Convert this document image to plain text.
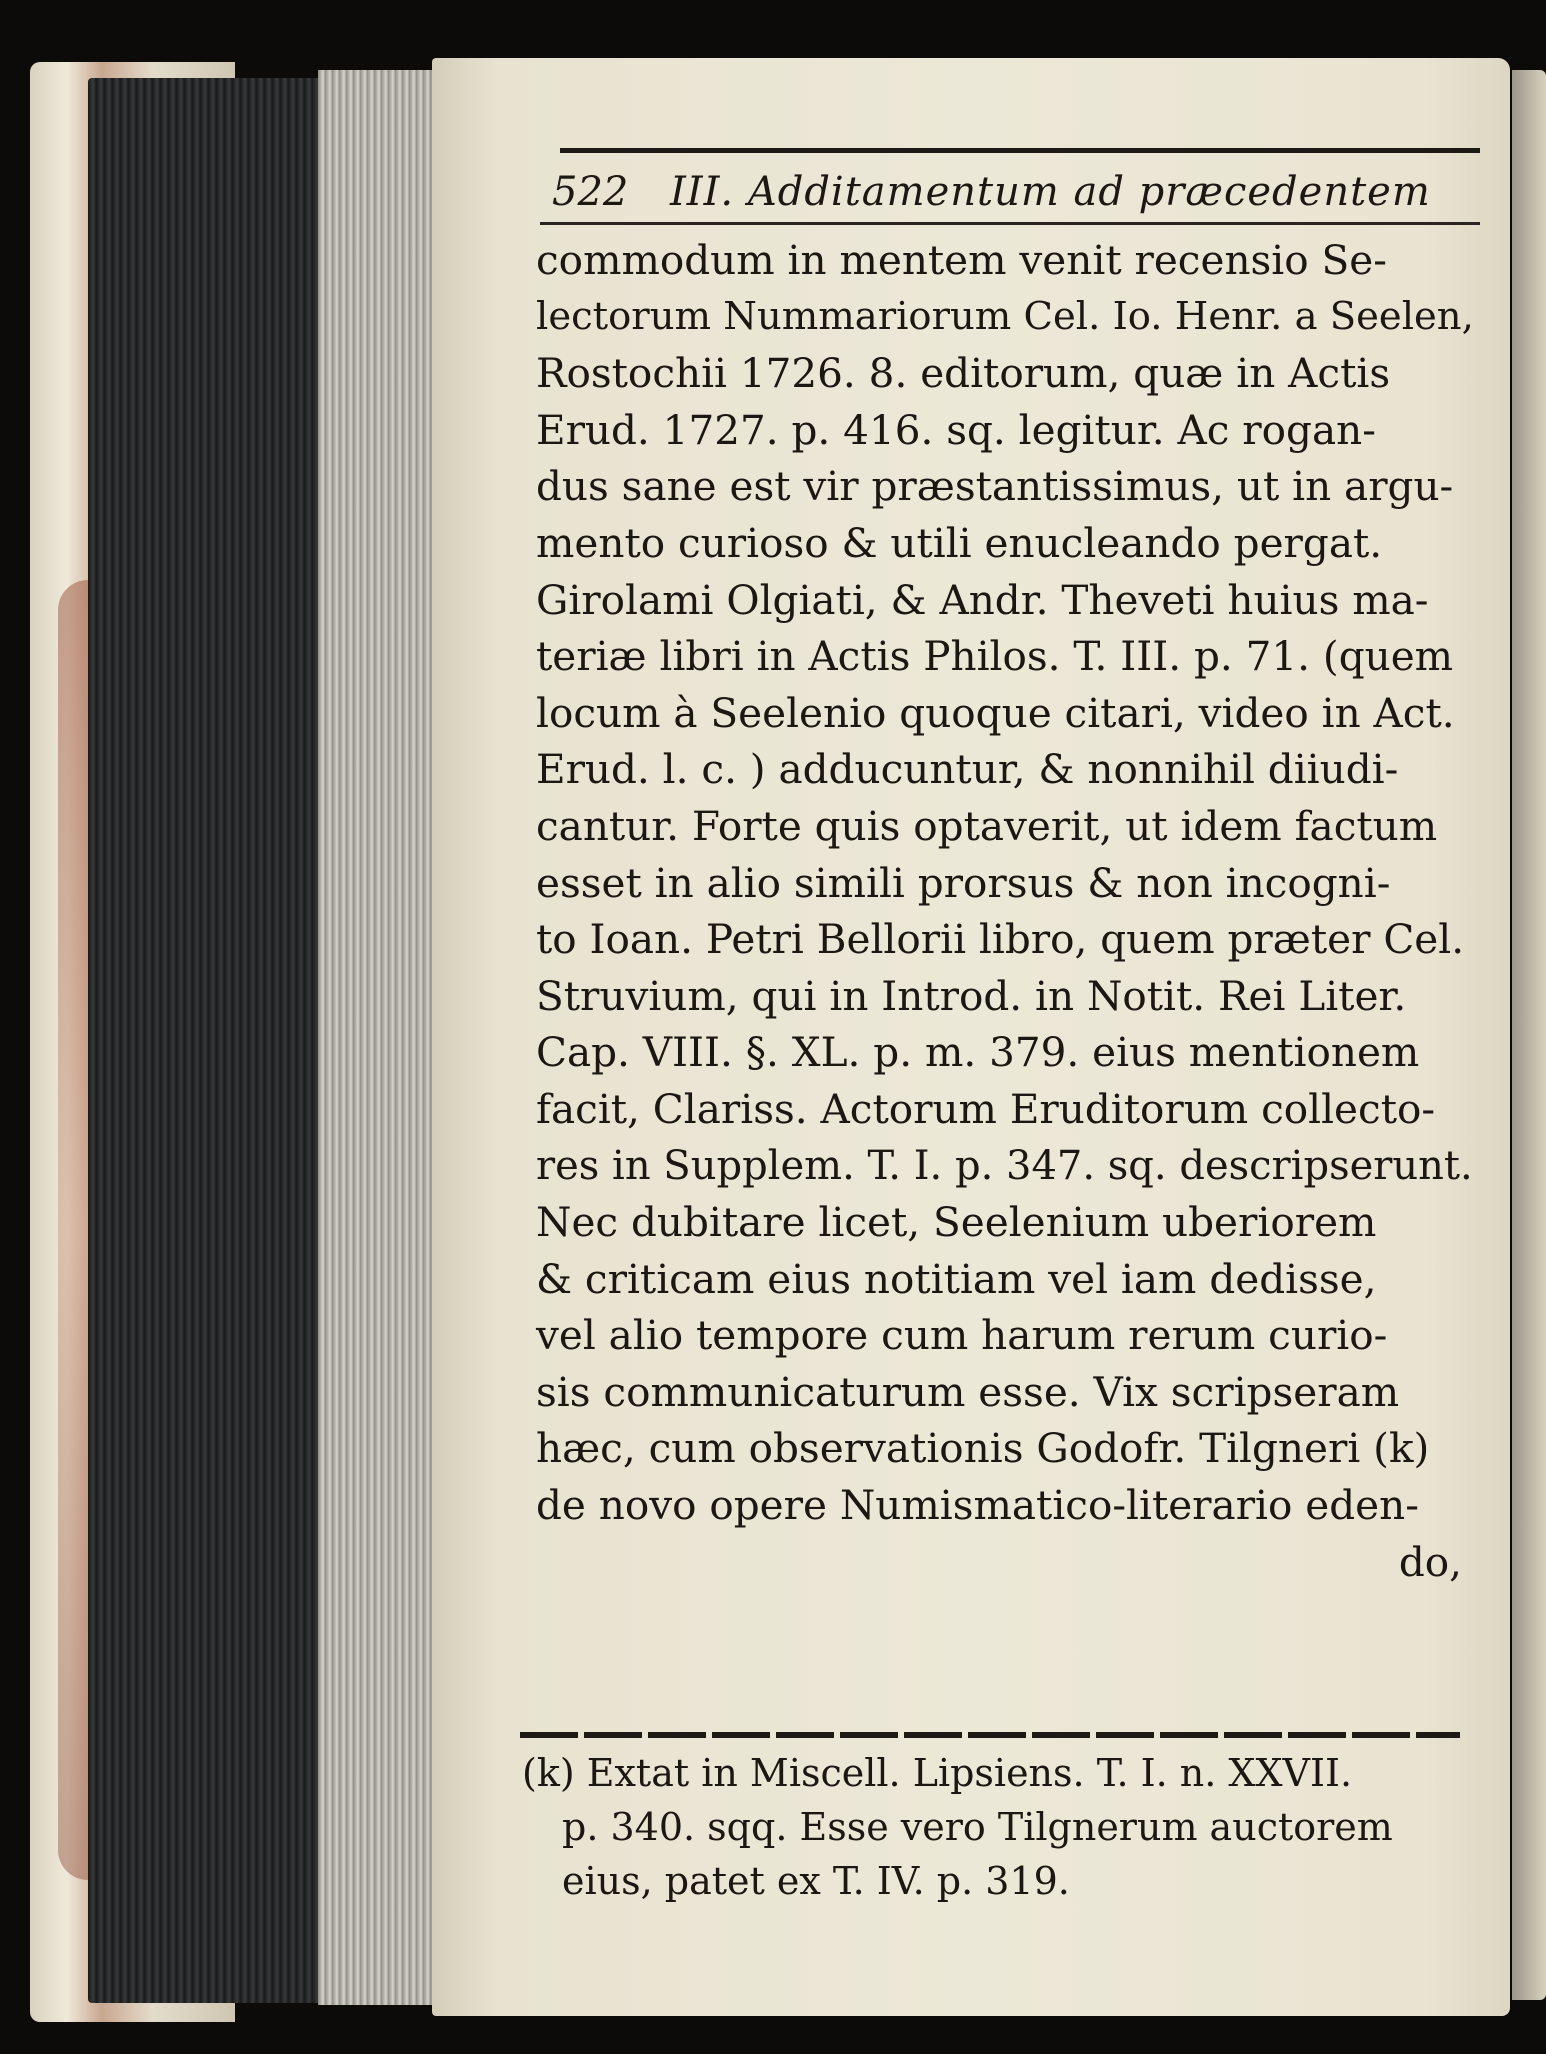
522 III. Additamentum ad præcedentem
commodum in mentem venit recensio Se-
lectorum Nummariorum Cel. Io. Henr. a Seelen,
Rostochii 1726. 8. editorum, quæ in Actis
Erud. 1727. p. 416. sq. legitur. Ac rogan-
dus sane est vir præstantissimus, ut in argu-
mento curioso & utili enucleando pergat.
Girolami Olgiati, & Andr. Theveti huius ma-
teriæ libri in Actis Philos. T. III. p. 71. (quem
locum à Seelenio quoque citari, video in Act.
Erud. l. c. ) adducuntur, & nonnihil diiudi-
cantur. Forte quis optaverit, ut idem factum
esset in alio simili prorsus & non incogni-
to Ioan. Petri Bellorii libro, quem præter Cel.
Struvium, qui in Introd. in Notit. Rei Liter.
Cap. VIII. §. XL. p. m. 379. eius mentionem
facit, Clariss. Actorum Eruditorum collecto-
res in Supplem. T. I. p. 347. sq. descripserunt.
Nec dubitare licet, Seelenium uberiorem
& criticam eius notitiam vel iam dedisse,
vel alio tempore cum harum rerum curio-
sis communicaturum esse. Vix scripseram
hæc, cum observationis Godofr. Tilgneri (k)
de novo opere Numismatico-literario eden-
do,
(k) Extat in Miscell. Lipsiens. T. I. n. XXVII.
p. 340. sqq. Esse vero Tilgnerum auctorem
eius, patet ex T. IV. p. 319.
